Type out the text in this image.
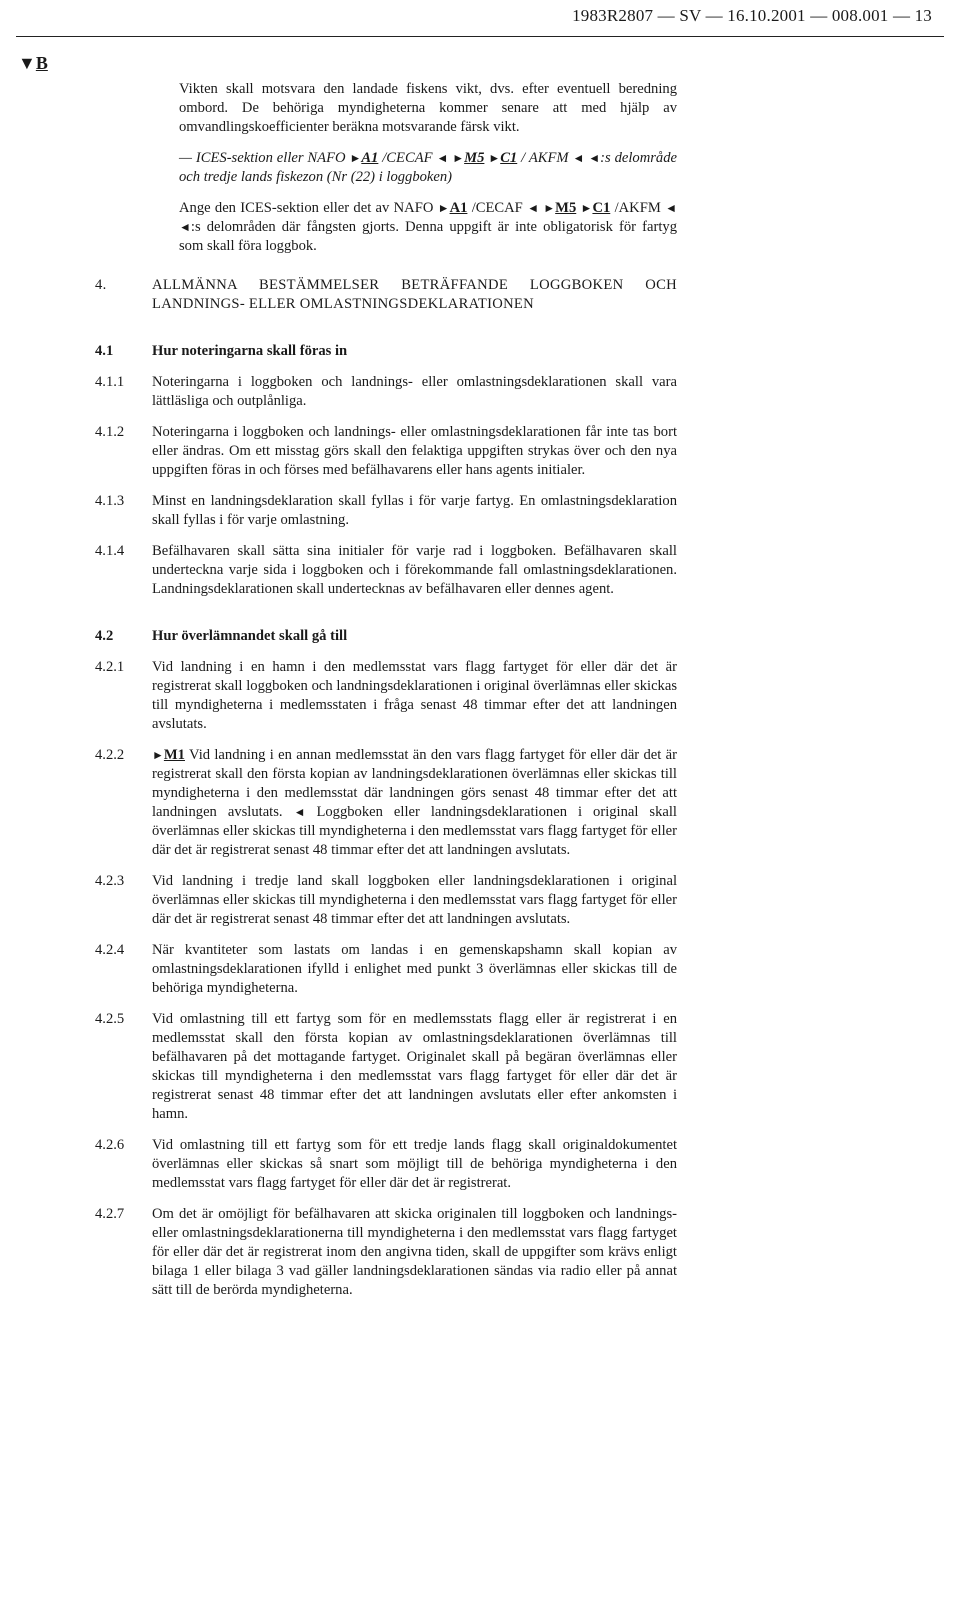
1983R2807 — SV — 16.10.2001 — 008.001 — 13
▼B

Vikten skall motsvara den landade fiskens vikt, dvs. efter eventuell beredning ombord. De behöriga myndigheterna kommer senare att med hjälp av omvandlingskoefficienter beräkna motsvarande färsk vikt.

— ICES-sektion eller NAFO ►A1 /CECAF ◄ ►M5 ►C1 / AKFM ◄ ◄:s delområde och tredje lands fiskezon (Nr (22) i loggboken)

Ange den ICES-sektion eller det av NAFO ►A1 /CECAF ◄ ►M5 ►C1 /AKFM ◄ ◄:s delområden där fångsten gjorts. Denna uppgift är inte obligatorisk för fartyg som skall föra loggbok.

4.	ALLMÄNNA BESTÄMMELSER BETRÄFFANDE LOGGBOKEN OCH LANDNINGS- ELLER OMLASTNINGSDEKLARATIONEN
4.1	Hur noteringarna skall föras in
4.1.1	Noteringarna i loggboken och landnings- eller omlastningsdeklarationen skall vara lättläsliga och outplånliga.
4.1.2	Noteringarna i loggboken och landnings- eller omlastningsdeklarationen får inte tas bort eller ändras. Om ett misstag görs skall den felaktiga uppgiften strykas över och den nya uppgiften föras in och förses med befälhavarens eller hans agents initialer.
4.1.3	Minst en landningsdeklaration skall fyllas i för varje fartyg. En omlastningsdeklaration skall fyllas i för varje omlastning.
4.1.4	Befälhavaren skall sätta sina initialer för varje rad i loggboken. Befälhavaren skall underteckna varje sida i loggboken och i förekommande fall omlastningsdeklarationen. Landningsdeklarationen skall undertecknas av befälhavaren eller dennes agent.
4.2	Hur överlämnandet skall gå till
4.2.1	Vid landning i en hamn i den medlemsstat vars flagg fartyget för eller där det är registrerat skall loggboken och landningsdeklarationen i original överlämnas eller skickas till myndigheterna i medlemsstaten i fråga senast 48 timmar efter det att landningen avslutats.
4.2.2	►M1 Vid landning i en annan medlemsstat än den vars flagg fartyget för eller där det är registrerat skall den första kopian av landningsdeklarationen överlämnas eller skickas till myndigheterna i den medlemsstat där landningen görs senast 48 timmar efter det att landningen avslutats. ◄ Loggboken eller landningsdeklarationen i original skall överlämnas eller skickas till myndigheterna i den medlemsstat vars flagg fartyget för eller där det är registrerat senast 48 timmar efter det att landningen avslutats.
4.2.3	Vid landning i tredje land skall loggboken eller landningsdeklarationen i original överlämnas eller skickas till myndigheterna i den medlemsstat vars flagg fartyget för eller där det är registrerat senast 48 timmar efter det att landningen avslutats.
4.2.4	När kvantiteter som lastats om landas i en gemenskapshamn skall kopian av omlastningsdeklarationen ifylld i enlighet med punkt 3 överlämnas eller skickas till de behöriga myndigheterna.
4.2.5	Vid omlastning till ett fartyg som för en medlemsstats flagg eller är registrerat i en medlemsstat skall den första kopian av omlastningsdeklarationen överlämnas till befälhavaren på det mottagande fartyget. Originalet skall på begäran överlämnas eller skickas till myndigheterna i den medlemsstat vars flagg fartyget för eller där det är registrerat senast 48 timmar efter det att landningen avslutats eller efter ankomsten i hamn.
4.2.6	Vid omlastning till ett fartyg som för ett tredje lands flagg skall originaldokumentet överlämnas eller skickas så snart som möjligt till de behöriga myndigheterna i den medlemsstat vars flagg fartyget för eller där det är registrerat.
4.2.7	Om det är omöjligt för befälhavaren att skicka originalen till loggboken och landnings- eller omlastningsdeklarationerna till myndigheterna i den medlemsstat vars flagg fartyget för eller där det är registrerat inom den angivna tiden, skall de uppgifter som krävs enligt bilaga 1 eller bilaga 3 vad gäller landningsdeklarationen sändas via radio eller på annat sätt till de berörda myndigheterna.
